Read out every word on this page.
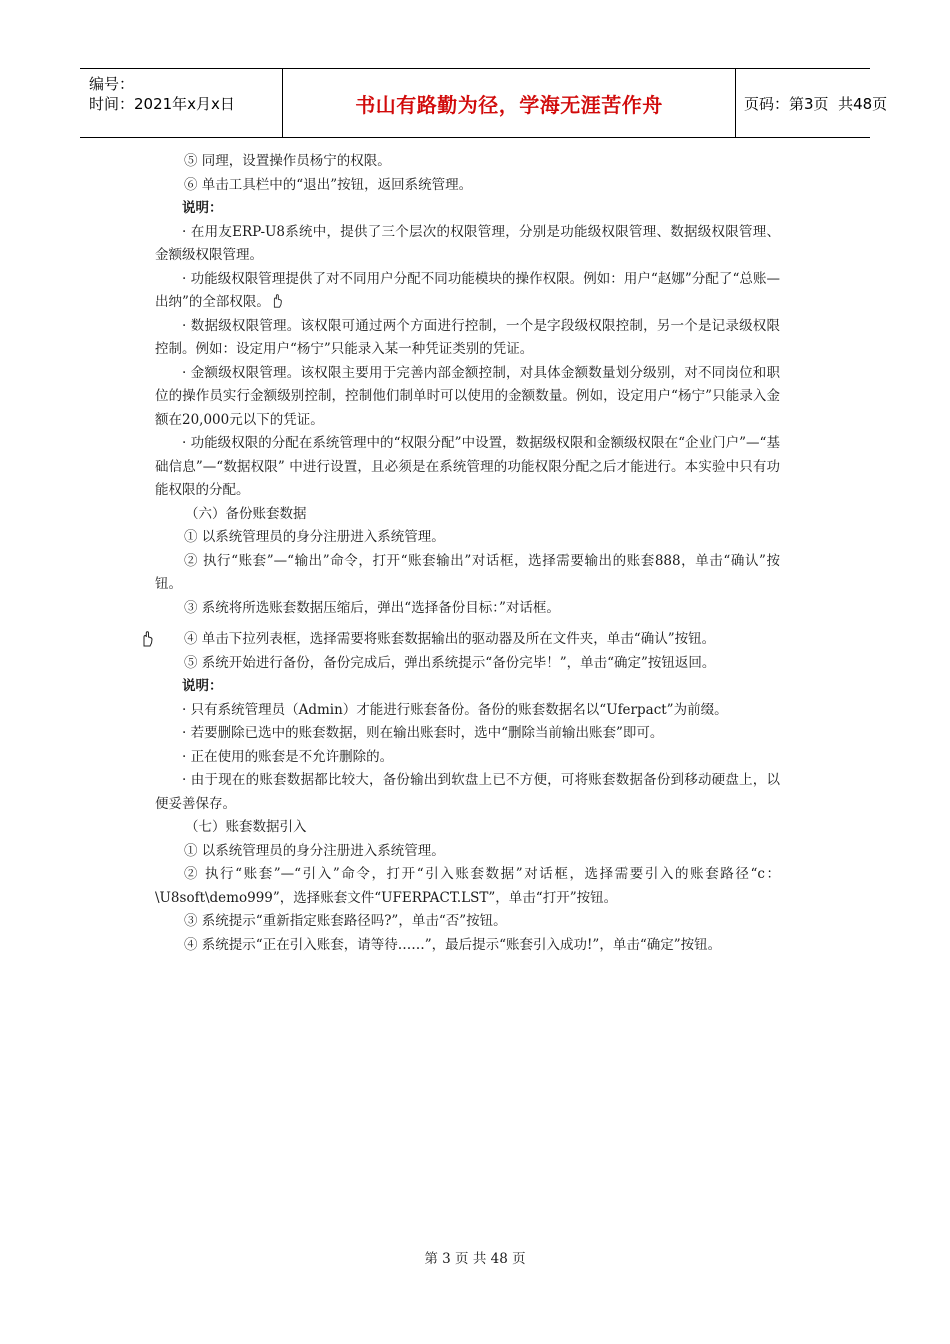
编号：
时间：2021年x月x日	书山有路勤为径，学海无涯苦作舟	页码：第3页  共48页

⑤ 同理，设置操作员杨宁的权限。

⑥ 单击工具栏中的“退出”按钮，返回系统管理。

说明：

· 在用友ERP-U8系统中，提供了三个层次的权限管理，分别是功能级权限管理、数据级权限管理、金额级权限管理。

· 功能级权限管理提供了对不同用户分配不同功能模块的操作权限。例如：用户“赵娜”分配了“总账—出纳”的全部权限。

· 数据级权限管理。该权限可通过两个方面进行控制，一个是字段级权限控制，另一个是记录级权限控制。例如：设定用户“杨宁”只能录入某一种凭证类别的凭证。

· 金额级权限管理。该权限主要用于完善内部金额控制，对具体金额数量划分级别，对不同岗位和职位的操作员实行金额级别控制，控制他们制单时可以使用的金额数量。例如，设定用户“杨宁”只能录入金额在20,000元以下的凭证。

· 功能级权限的分配在系统管理中的“权限分配”中设置，数据级权限和金额级权限在“企业门户”—“基础信息”—“数据权限” 中进行设置，且必须是在系统管理的功能权限分配之后才能进行。本实验中只有功能权限的分配。

（六）备份账套数据

① 以系统管理员的身分注册进入系统管理。

② 执行“账套”—“输出”命令，打开“账套输出”对话框，选择需要输出的账套888，单击“确认”按钮。

③ 系统将所选账套数据压缩后，弹出“选择备份目标：”对话框。

④ 单击下拉列表框，选择需要将账套数据输出的驱动器及所在文件夹，单击“确认”按钮。

⑤ 系统开始进行备份，备份完成后，弹出系统提示“备份完毕！”，单击“确定”按钮返回。

说明：

· 只有系统管理员（Admin）才能进行账套备份。备份的账套数据名以“Uferpact”为前缀。

· 若要删除已选中的账套数据，则在输出账套时，选中“删除当前输出账套”即可。

· 正在使用的账套是不允许删除的。

· 由于现在的账套数据都比较大，备份输出到软盘上已不方便，可将账套数据备份到移动硬盘上，以便妥善保存。

（七）账套数据引入

① 以系统管理员的身分注册进入系统管理。

② 执行“账套”—“引入”命令，打开“引入账套数据”对话框，选择需要引入的账套路径“c：\U8soft\demo999”，选择账套文件“UFERPACT.LST”，单击“打开”按钮。

③ 系统提示“重新指定账套路径吗?”，单击“否”按钮。

④ 系统提示“正在引入账套，请等待……”，最后提示“账套引入成功!”，单击“确定”按钮。

第 3 页 共 48 页
